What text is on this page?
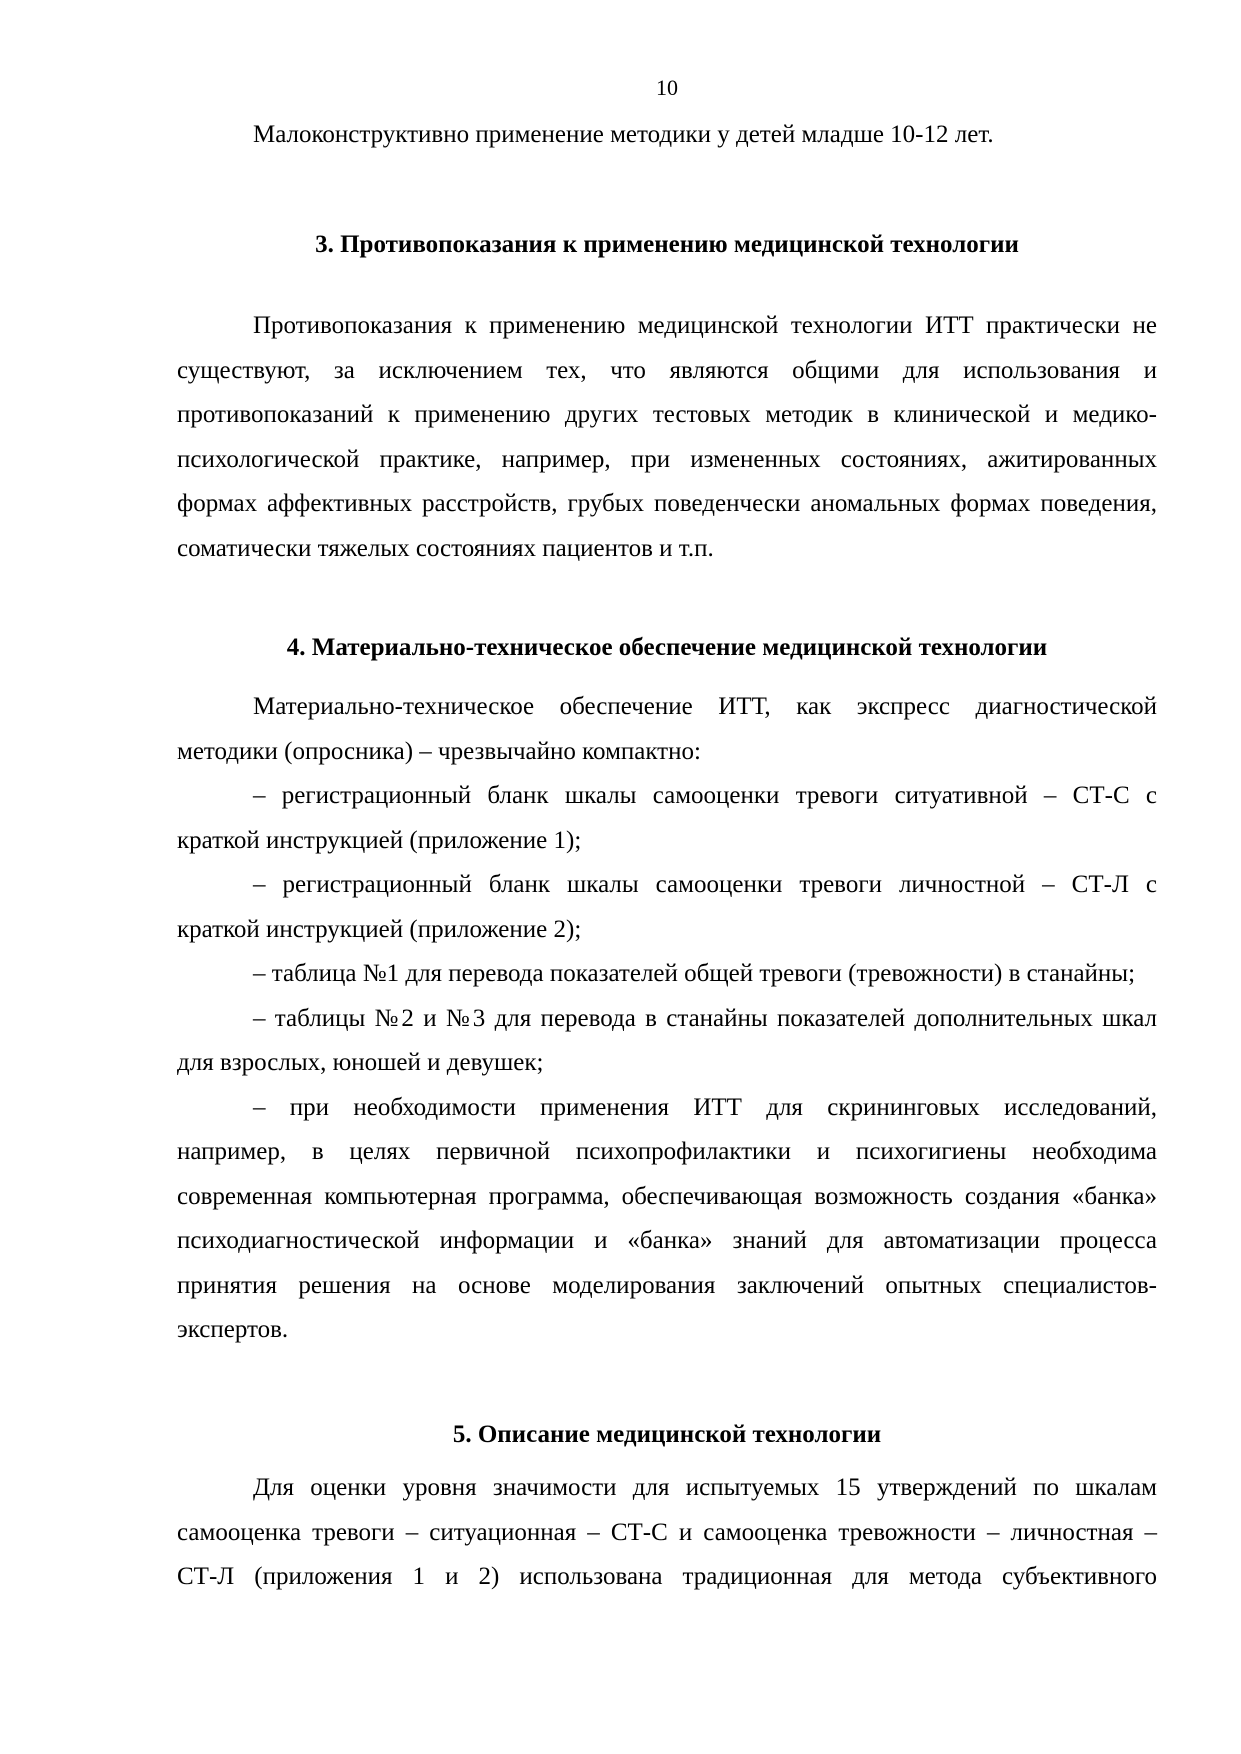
10
Малоконструктивно применение методики у детей младше 10-12 лет.
3. Противопоказания к применению медицинской технологии
Противопоказания к применению медицинской технологии ИТТ практически не
существуют, за исключением тех, что являются общими для использования и
противопоказаний к применению других тестовых методик в клинической и медико-
психологической практике, например, при измененных состояниях, ажитированных
формах аффективных расстройств, грубых поведенчески аномальных формах поведения,
соматически тяжелых состояниях пациентов и т.п.
4. Материально-техническое обеспечение медицинской технологии
Материально-техническое обеспечение ИТТ, как экспресс диагностической
методики (опросника) – чрезвычайно компактно:
– регистрационный бланк шкалы самооценки тревоги ситуативной – СТ-С с
краткой инструкцией (приложение 1);
– регистрационный бланк шкалы самооценки тревоги личностной – СТ-Л с
краткой инструкцией (приложение 2);
– таблица №1 для перевода показателей общей тревоги (тревожности) в станайны;
– таблицы №2 и №3 для перевода в станайны показателей дополнительных шкал
для взрослых, юношей и девушек;
– при необходимости применения ИТТ для скрининговых исследований,
например, в целях первичной психопрофилактики и психогигиены необходима
современная компьютерная программа, обеспечивающая возможность создания «банка»
психодиагностической информации и «банка» знаний для автоматизации процесса
принятия решения на основе моделирования заключений опытных специалистов-
экспертов.
5. Описание медицинской технологии
Для оценки уровня значимости для испытуемых 15 утверждений по шкалам
самооценка тревоги – ситуационная – СТ-С и самооценка тревожности – личностная –
СТ-Л (приложения 1 и 2) использована традиционная для метода субъективного
